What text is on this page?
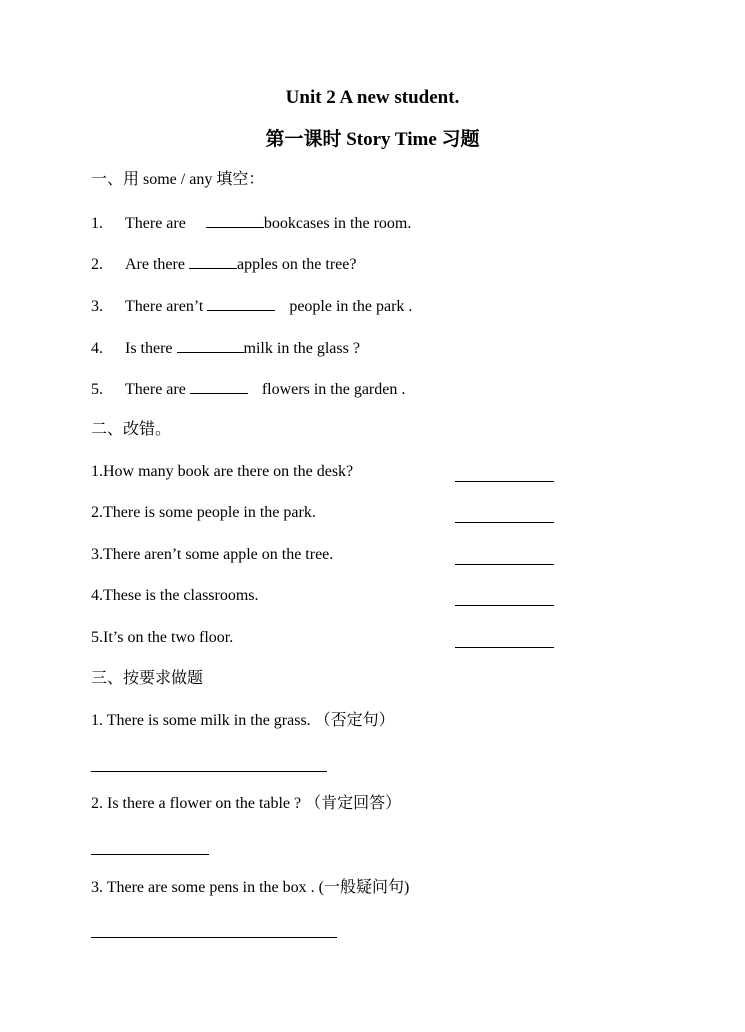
Unit 2 A new student.
第一课时 Story Time 习题
一、用 some / any 填空：
1. There are	bookcases in the room.
2. Are there	apples on the tree?
3. There aren’t	people in the park .
4. Is there	milk in the glass ?
5. There are	flowers in the garden .
二、改错。
1.How many book are there on the desk?
2.There is some people in the park.
3.There aren’t some apple on the tree.
4.These is the classrooms.
5.It’s on the two floor.
三、按要求做题
1. There is some milk in the grass. （否定句）
2. Is there a flower on the table ? （肯定回答）
3. There are some pens in the box . (一般疑问句)
